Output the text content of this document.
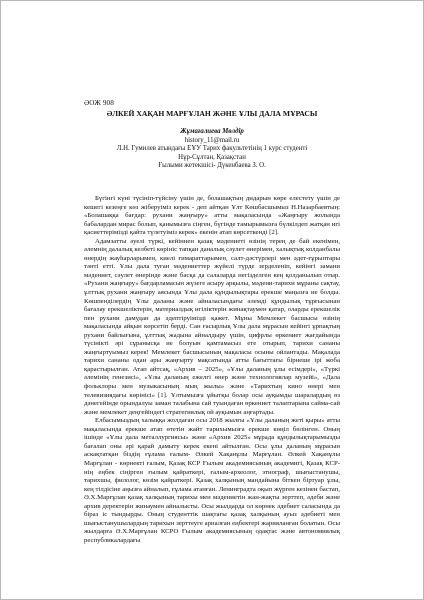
ӘОЖ 908
ӘЛКЕЙ ХАҚАН МАРҒҰЛАН ЖӘНЕ ҰЛЫ ДАЛА МҰРАСЫ
Жұмағалиева Мөлдір
history_11@mail.ru
Л.Н. Гумилев атындағы ЕҰУ Тарих факультетінің 1 курс студенті
Нұр-Сұлтан, Қазақстан
Ғылыми жетекшісі- Дүкенбаева З. О.

Бүгінгі күні түсініп-түйсіну үшін де, болашақтың дидарын көре елестету үшін де кешегі кезеңге көз жіберуіміз керек - деп айтқан Ұлт Көшбасшымыз Н.Назарбаевтың: «Болашаққа бағдар: рухани жаңғыру» атты мақаласында «Жаңғыру жолында бабалардан мирас болып, қанымызға сіңген, бүгінде тамырымызға бүлкілдеп жатқан игі қасиеттерімізді қайта түлетуіміз керек» екенін атап көрсеткенді [2].

Адамзатты әуелі түркі, кейіннен қазақ мәдениеті өзінің терең де бай екенімен, әлемнің далалық келбеті көрініс тапқан даналық сәулет өнерімен, халықтық колданбалы өнердің жауһарларымен, киелі ғимараттарымен, салт-дәстүрлері мен әдет-ғұрыптары тәнті етті. Ұлы дала туған мәдениеттер жүйелі түрде зерделеніп, кейінгі замани мәдениет, сәулет өнерінде және басқа да салаларда негізделген кең қолданылып отыр. «Рухани жаңғыру» бағдарламасын жүзеге асыру арқылы, мәдени-тарихи мұраны сақтау, ұлттық рухани жаңғыру аясында Ұлы дала құндылықтары ерекше маңызға ие болды. Көшпенділердің Ұлы даланы және айналасындағы әлемді құндылық тұрғысынан бағалау ерекшеліктерін, материалдық игіліктерін жинақтаумен қатар, оларды ерекшелік пен рухани дамудан да әдептіруімізді қажет. Мұны Мемлекет басшысы өзінің мақаласында айқын көрсетіп берді. Сан ғасырлық Ұлы дала мұрасын кейінгі ұрпақтың рухани байлығына, ұлттық жадына айналдыру үшін, цифрлы өркениет жағдайында түсінікті әрі сұранысқа ие болуын қамтамасыз ете отырып, тарихи сананы жаңғыртуымыз керек! Мемлекет басшысының мақаласы осыны ойлантады. Мақалада тарихи сананы одан ары жаңғырту мақсатында атты бағыттағы бірнеше ірі жоба қарастырылған. Атап айтсақ, «Архив – 2025», «Ұлы даланың ұлы есімдері», «Түркі әлемінің генезисі», «Ұлы даланың ежелгі өнер және технологиялар музейі», «Дала фольклоры мен музыкасының мың жылы» және «Тарихтың кино өнері мен телевизиядағы көрінісі» [1]. Ұлтымызға ұйытқы болар осы ауқымды шаралардың өз дәнегейінде орындалуы заман талабына сай туындаған өркениет талаптарына сайма-сай және мемлекет деңгейіндегі стратегиялық ой ауқымын аңғартады.

Елбасымыздың халыққа жолдаған осы 2018 жылғы «Ұлы даланың жеті қыры» атты мақаласында ерекше атап өтетін жайт тарихымызға ерекше көңіл бөлінген. Оның ішінде «Ұлы дала металлургиясы» және «Архив 2025» мұрада құндылықтарымызды бағалап оны әрі қарай дамыту керек екені айтылған. Осы ұлы даланың мұрасын аскақтатқан біздің ғұлама ғалым- Әлкей Хақанұлы Марғұлан. Әлкей Хақанұлы Марғұлан - көрнекті ғалым, Қазақ КСР Ғылым академиясының академигі, Қазақ КСР-нің еңбек сіңірген ғылым қайраткері, ғалым-археолог, этнограф, шығыстанушы, тарихшы, филолог, көзім қайраткері. Қазақ халқының мандайына біткен біртуар ұлы, кең тілдісіне аңызға айналып, ғұлама атанған. Ленинградта оқып жүрген кезінен бастап, Ә.Х.Марғұлан қазақ халқының тарихы мен мәдениетін жан-жақты зерттеп, әдеби және архив деректерін жинаумен айналысты. Осы жылдарда ол көрнек әдебиет саласында да біраз іс тындырды. Оның студенттік шақтағы қазақ халқының ауыз әдебиеті мен шығыстанушылардың тарихын зерттеуге арналған еңбектері жарияланған болатын. Осы жылдарға Ә.Х.Марғұлан КСРО Ғылым академиясының одақтас және автономиялық республикалардағы
